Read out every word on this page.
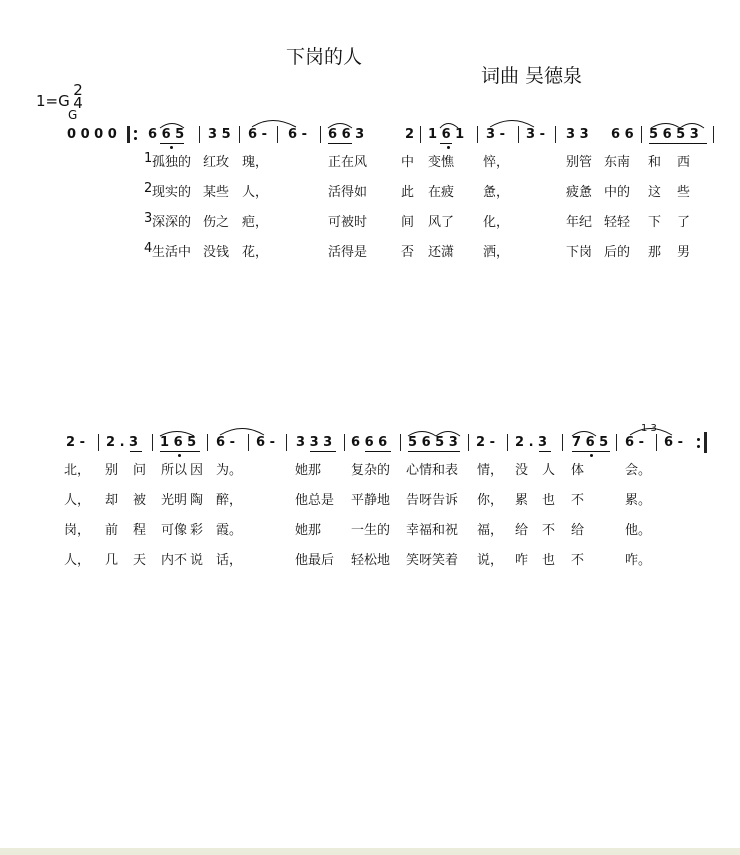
下岗的人
词曲 吴德泉
1=G
2
4
G
0 0 0 0 6 6 5 3 5 6 - 6 - 6 6 3	2 1 6 1 3 - 3 - 3 3 6 6 5 6 5 3
1 孤独的 红玫 瑰，	正在风	中 变憔 悴，	别管 东南 和 西
2 现实的 某些 人，	活得如	此 在疲 惫，	疲惫 中的 这 些
3 深深的 伤之 疤，	可被时	间 风了 化，	年纪 轻轻 下 了
4 生活中 没钱 花，	活得是	否 还潇 洒，	下岗 后的 那 男
2 - 2 . 3 1 6 5 6 - 6 - 3 3 3 6 6 6 5 6 5 3 2 - 2 . 3 7 6 5 6 - 6 -
1 3
北， 别 问 所以 因 为。	她那 复杂的 心情和表 情， 没 人 体	会。
人， 却 被 光明 陶 醉，	他总是 平静地 告呀告诉 你， 累 也 不	累。
岗， 前 程 可像 彩 霞。	她那 一生的 幸福和祝 福， 给 不 给	他。
人， 几 天 内不 说 话，	他最后 轻松地 笑呀笑着 说， 咋 也 不	咋。
